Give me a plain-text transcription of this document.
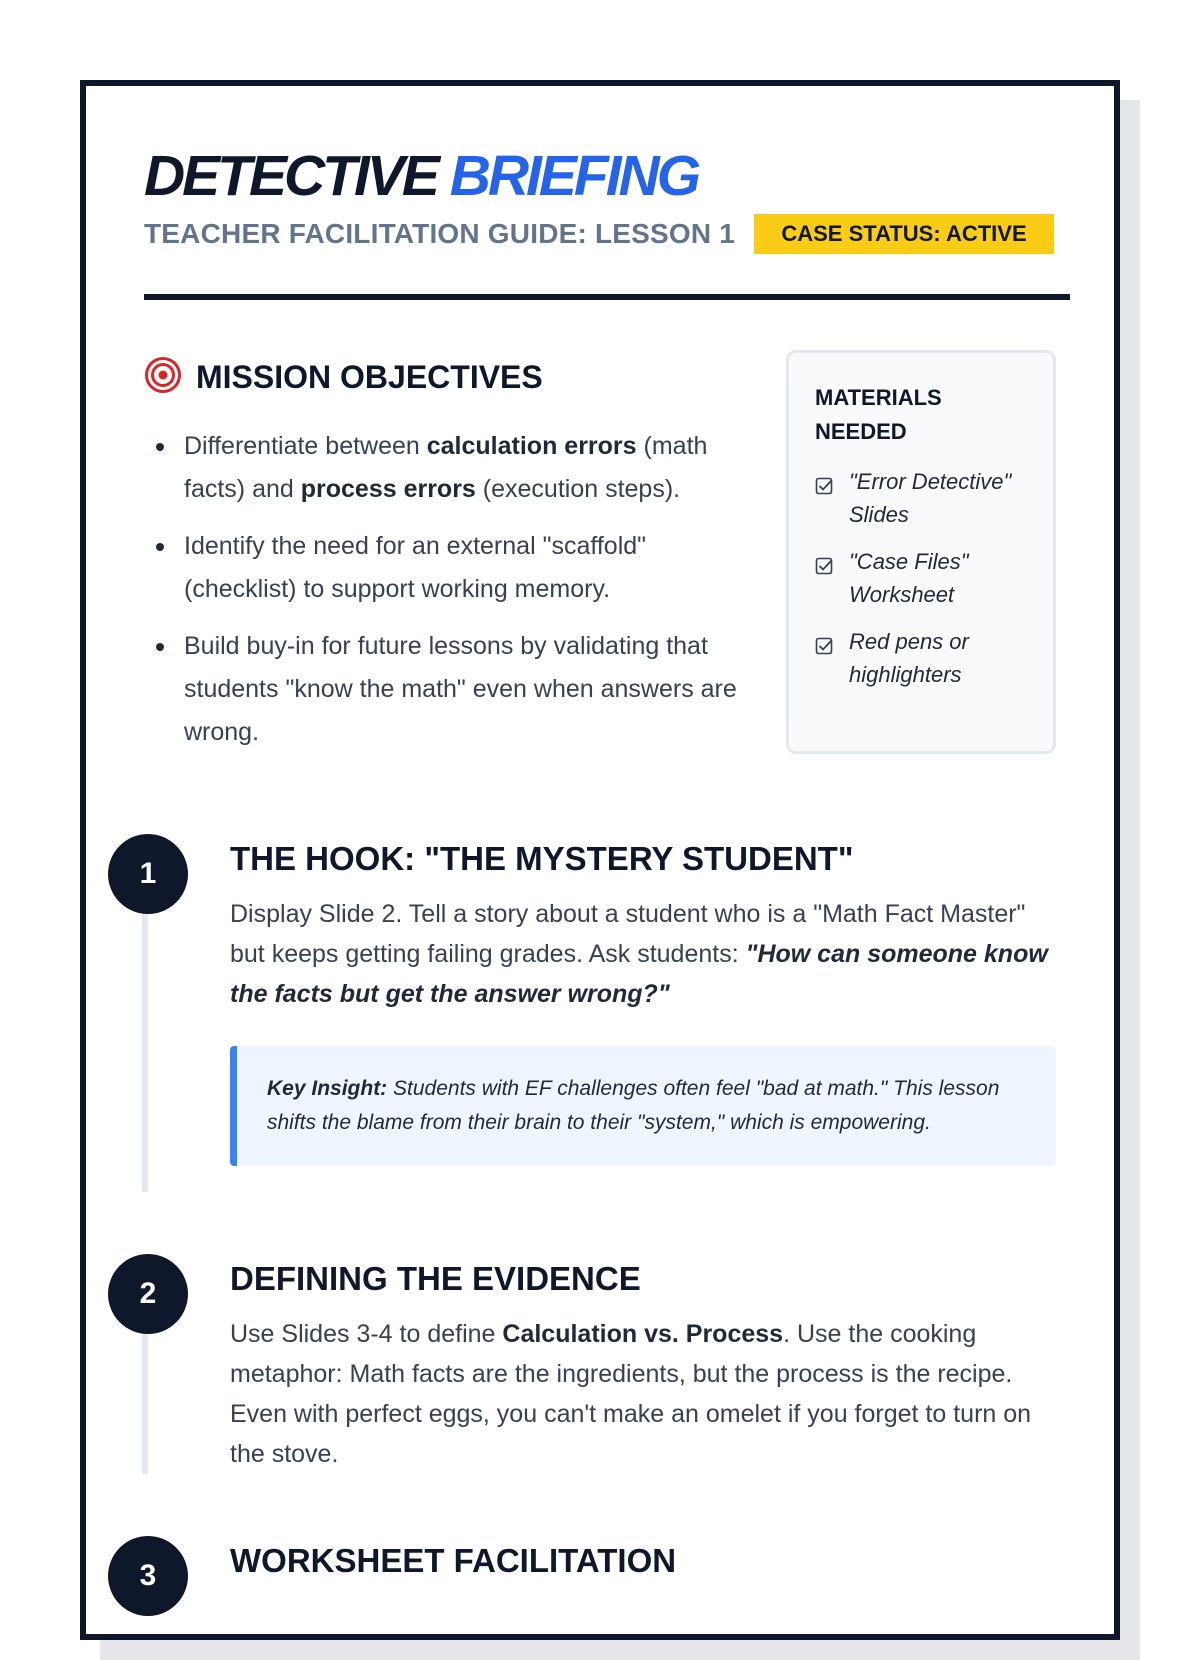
DETECTIVE BRIEFING
TEACHER FACILITATION GUIDE: LESSON 1	CASE STATUS: ACTIVE
MISSION OBJECTIVES
Differentiate between calculation errors (math facts) and process errors (execution steps).
Identify the need for an external "scaffold" (checklist) to support working memory.
Build buy-in for future lessons by validating that students "know the math" even when answers are wrong.
MATERIALS NEEDED
"Error Detective" Slides
"Case Files" Worksheet
Red pens or highlighters
1	THE HOOK: "THE MYSTERY STUDENT"

Display Slide 2. Tell a story about a student who is a "Math Fact Master" but keeps getting failing grades. Ask students: "How can someone know the facts but get the answer wrong?"

Key Insight: Students with EF challenges often feel "bad at math." This lesson shifts the blame from their brain to their "system," which is empowering.
2	DEFINING THE EVIDENCE

Use Slides 3-4 to define Calculation vs. Process. Use the cooking metaphor: Math facts are the ingredients, but the process is the recipe. Even with perfect eggs, you can't make an omelet if you forget to turn on the stove.

3	WORKSHEET FACILITATION
